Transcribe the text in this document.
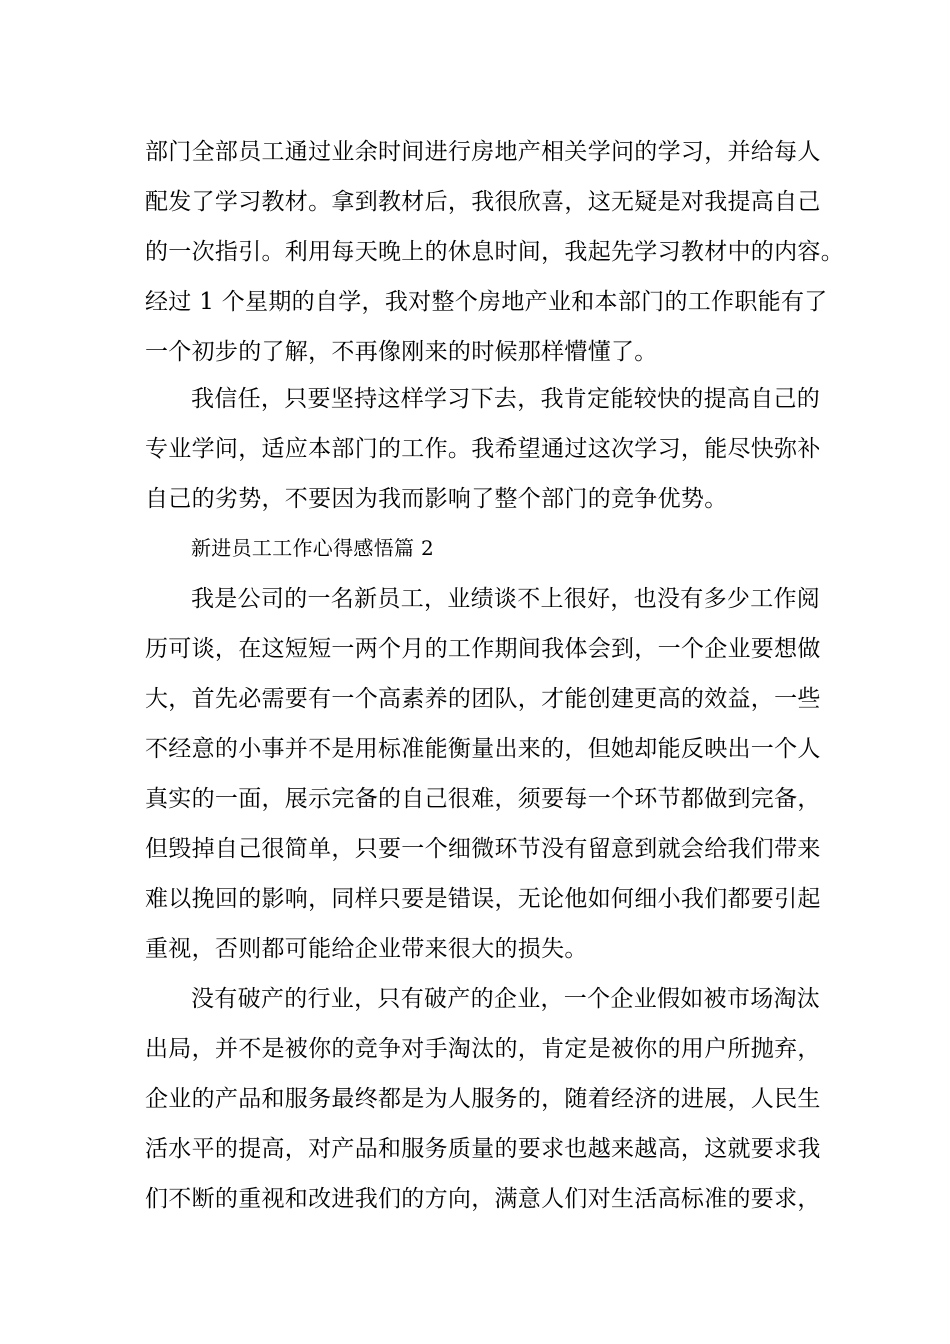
部门全部员工通过业余时间进行房地产相关学问的学习，并给每人
配发了学习教材。拿到教材后，我很欣喜，这无疑是对我提高自己
的一次指引。利用每天晚上的休息时间，我起先学习教材中的内容。
经过 1 个星期的自学，我对整个房地产业和本部门的工作职能有了
一个初步的了解，不再像刚来的时候那样懵懂了。
我信任，只要坚持这样学习下去，我肯定能较快的提高自己的
专业学问，适应本部门的工作。我希望通过这次学习，能尽快弥补
自己的劣势，不要因为我而影响了整个部门的竞争优势。
新进员工工作心得感悟篇 2
我是公司的一名新员工，业绩谈不上很好，也没有多少工作阅
历可谈，在这短短一两个月的工作期间我体会到，一个企业要想做
大，首先必需要有一个高素养的团队，才能创建更高的效益，一些
不经意的小事并不是用标准能衡量出来的，但她却能反映出一个人
真实的一面，展示完备的自己很难，须要每一个环节都做到完备，
但毁掉自己很简单，只要一个细微环节没有留意到就会给我们带来
难以挽回的影响，同样只要是错误，无论他如何细小我们都要引起
重视，否则都可能给企业带来很大的损失。
没有破产的行业，只有破产的企业，一个企业假如被市场淘汰
出局，并不是被你的竞争对手淘汰的，肯定是被你的用户所抛弃，
企业的产品和服务最终都是为人服务的，随着经济的进展，人民生
活水平的提高，对产品和服务质量的要求也越来越高，这就要求我
们不断的重视和改进我们的方向，满意人们对生活高标准的要求，
